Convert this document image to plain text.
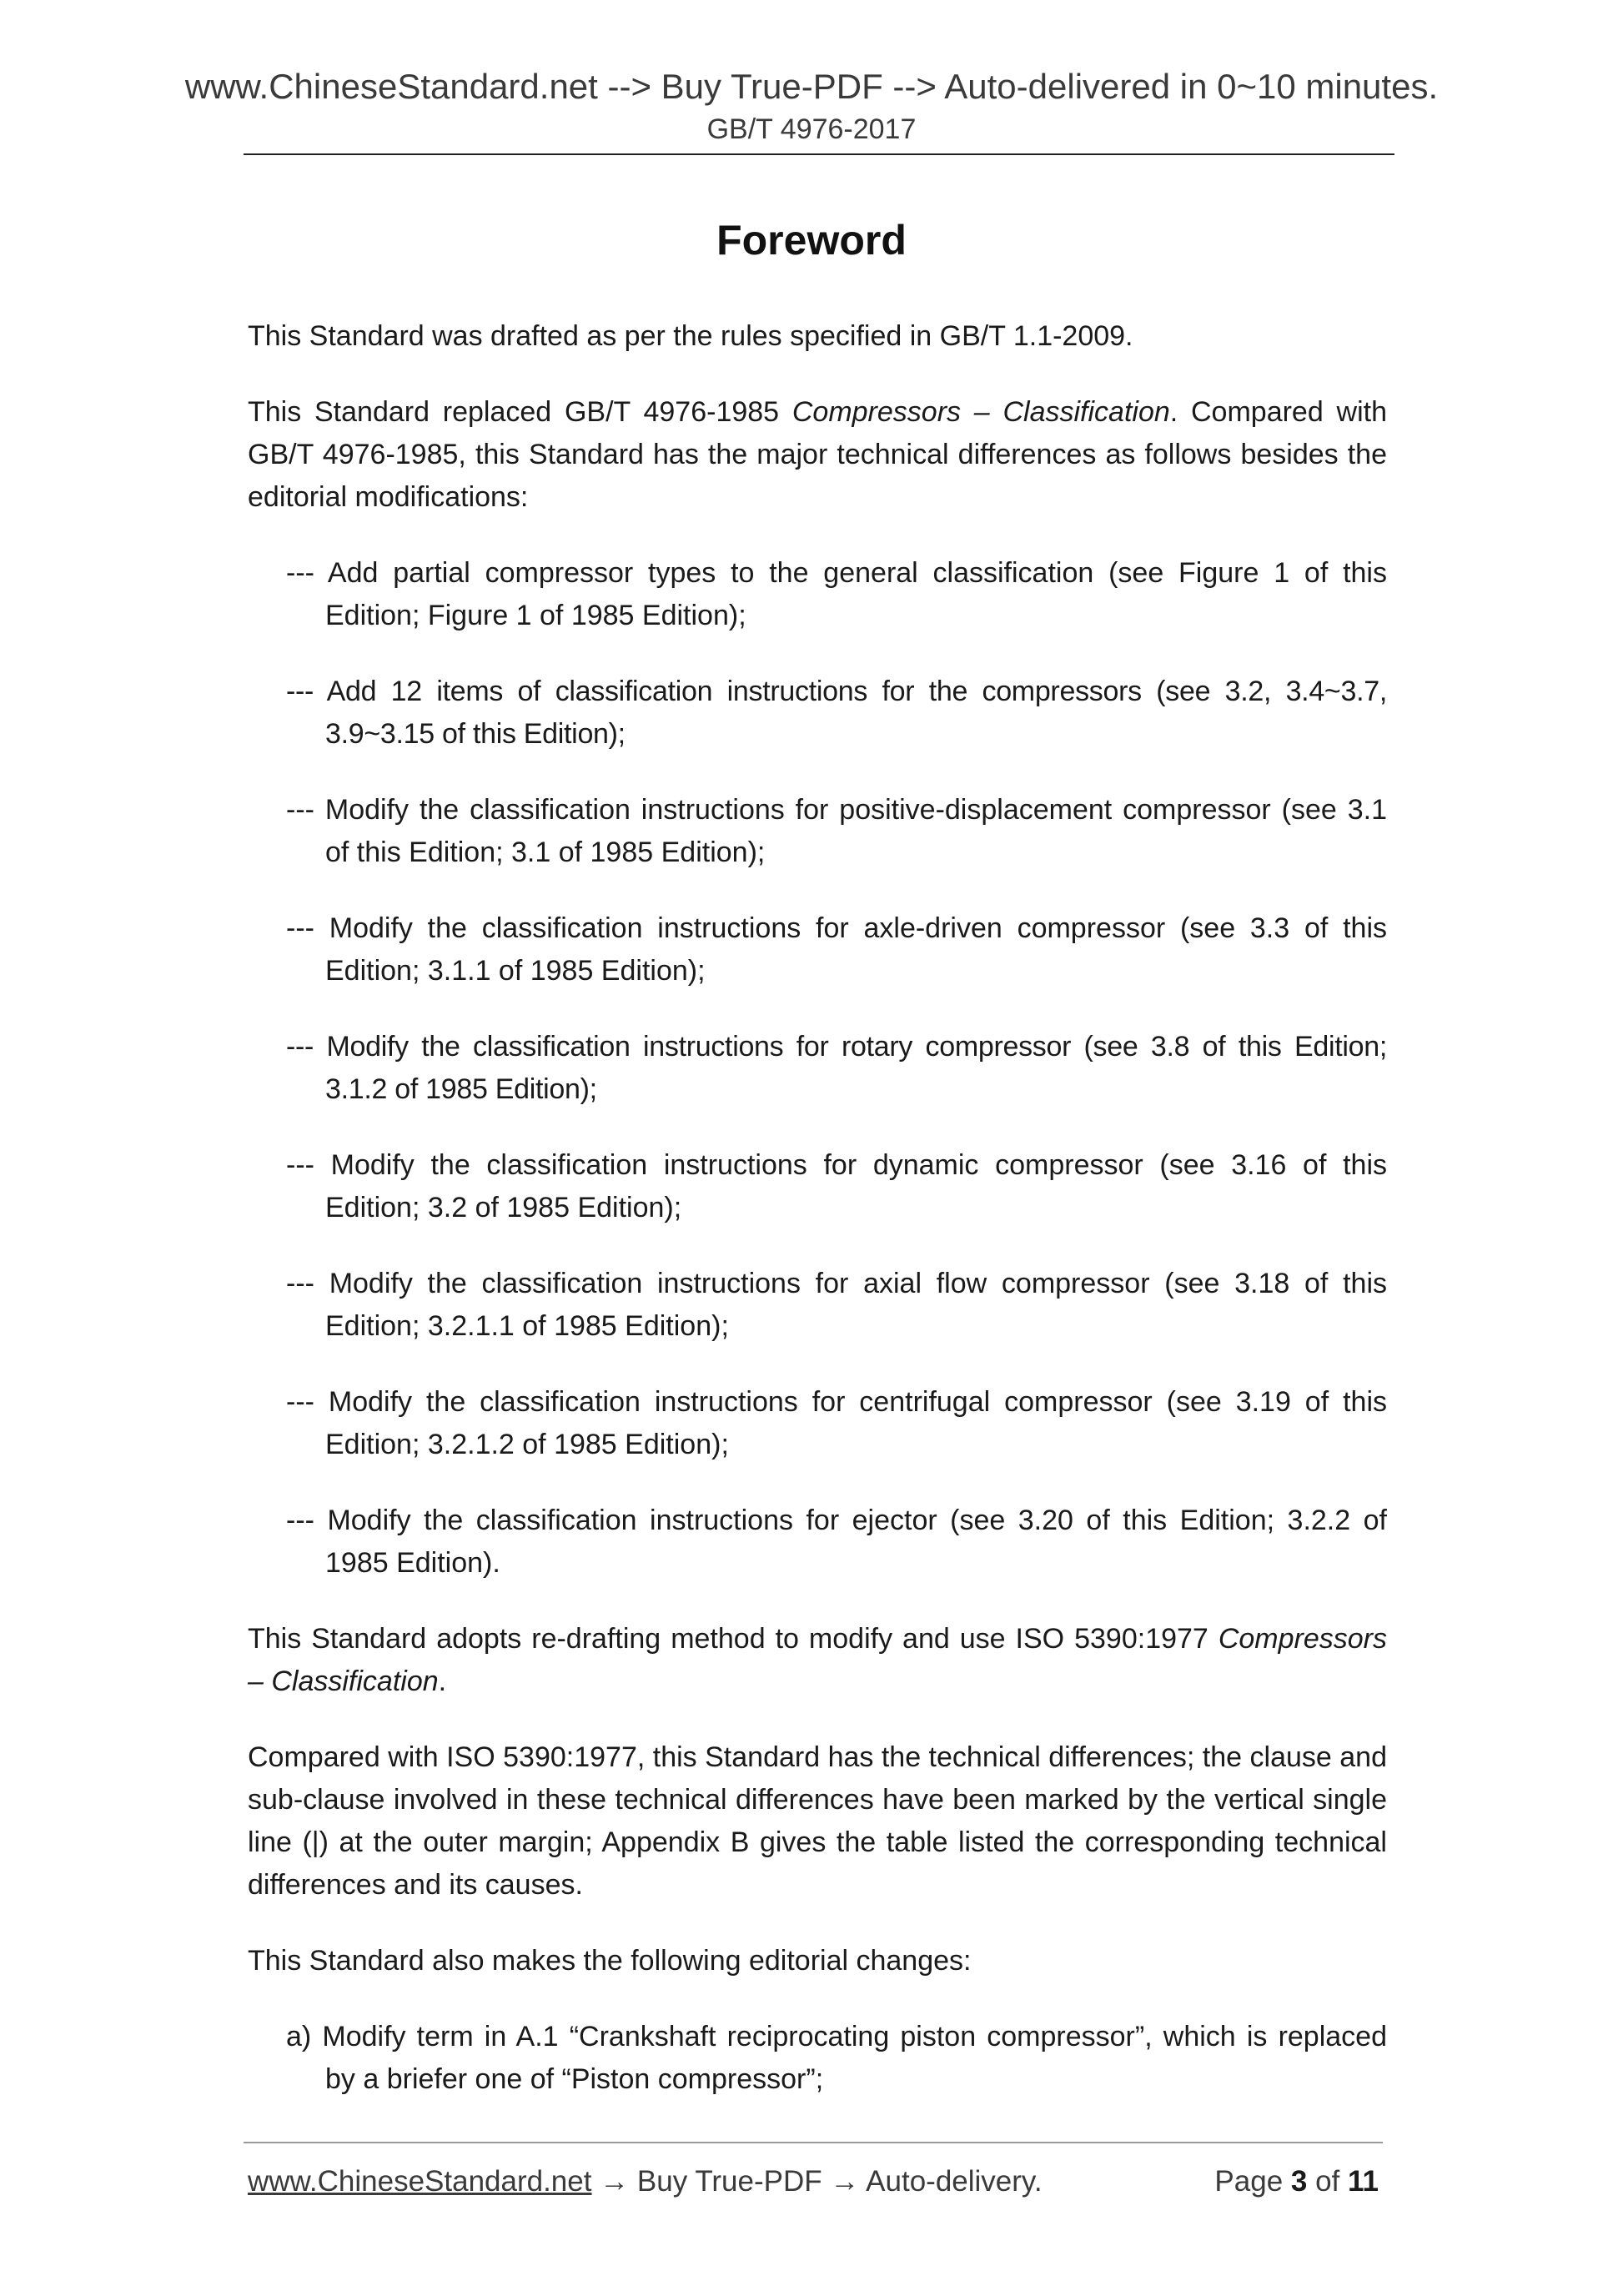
www.ChineseStandard.net --> Buy True-PDF --> Auto-delivered in 0~10 minutes.
GB/T 4976-2017
Foreword

This Standard was drafted as per the rules specified in GB/T 1.1-2009.

This Standard replaced GB/T 4976-1985 Compressors – Classification. Compared with GB/T 4976-1985, this Standard has the major technical differences as follows besides the editorial modifications:

--- Add partial compressor types to the general classification (see Figure 1 of this Edition; Figure 1 of 1985 Edition);

--- Add 12 items of classification instructions for the compressors (see 3.2, 3.4~3.7, 3.9~3.15 of this Edition);

--- Modify the classification instructions for positive-displacement compressor (see 3.1 of this Edition; 3.1 of 1985 Edition);

--- Modify the classification instructions for axle-driven compressor (see 3.3 of this Edition; 3.1.1 of 1985 Edition);

--- Modify the classification instructions for rotary compressor (see 3.8 of this Edition; 3.1.2 of 1985 Edition);

--- Modify the classification instructions for dynamic compressor (see 3.16 of this Edition; 3.2 of 1985 Edition);

--- Modify the classification instructions for axial flow compressor (see 3.18 of this Edition; 3.2.1.1 of 1985 Edition);

--- Modify the classification instructions for centrifugal compressor (see 3.19 of this Edition; 3.2.1.2 of 1985 Edition);

--- Modify the classification instructions for ejector (see 3.20 of this Edition; 3.2.2 of 1985 Edition).

This Standard adopts re-drafting method to modify and use ISO 5390:1977 Compressors – Classification.

Compared with ISO 5390:1977, this Standard has the technical differences; the clause and sub-clause involved in these technical differences have been marked by the vertical single line (|) at the outer margin; Appendix B gives the table listed the corresponding technical differences and its causes.

This Standard also makes the following editorial changes:

a) Modify term in A.1 “Crankshaft reciprocating piston compressor”, which is replaced by a briefer one of “Piston compressor”;

www.ChineseStandard.net → Buy True-PDF → Auto-delivery.	Page 3 of 11
